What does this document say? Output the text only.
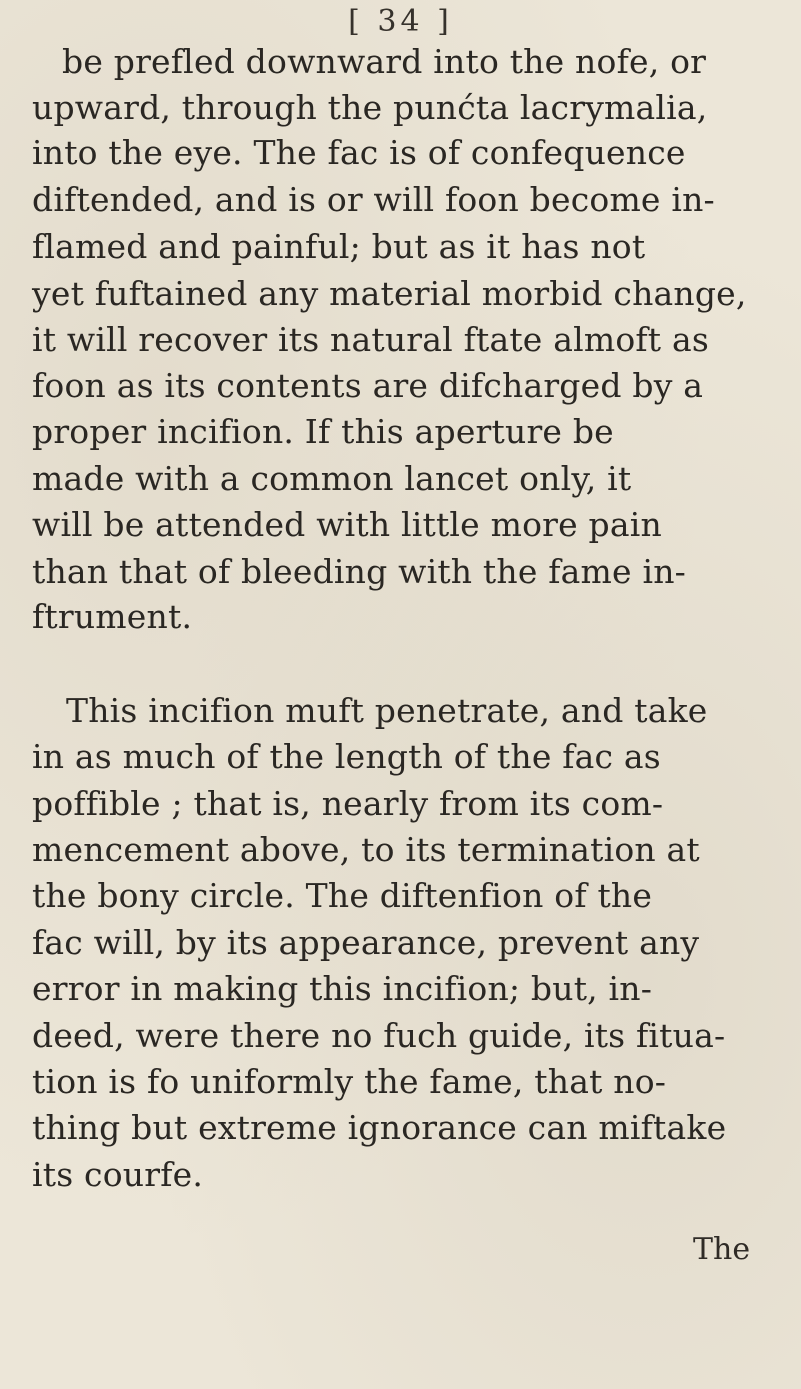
[ 34 ]
be prefled downward into the nofe, or
upward, through the punćta lacrymalia,
into the eye. The fac is of confequence
diftended, and is or will foon become in-
flamed and painful; but as it has not
yet fuftained any material morbid change,
it will recover its natural ftate almoft as
foon as its contents are difcharged by a
proper incifion. If this aperture be
made with a common lancet only, it
will be attended with little more pain
than that of bleeding with the fame in-
ftrument.
This incifion muft penetrate, and take
in as much of the length of the fac as
poffible ; that is, nearly from its com-
mencement above, to its termination at
the bony circle. The diftenfion of the
fac will, by its appearance, prevent any
error in making this incifion; but, in-
deed, were there no fuch guide, its fitua-
tion is fo uniformly the fame, that no-
thing but extreme ignorance can miftake
its courfe.
The
